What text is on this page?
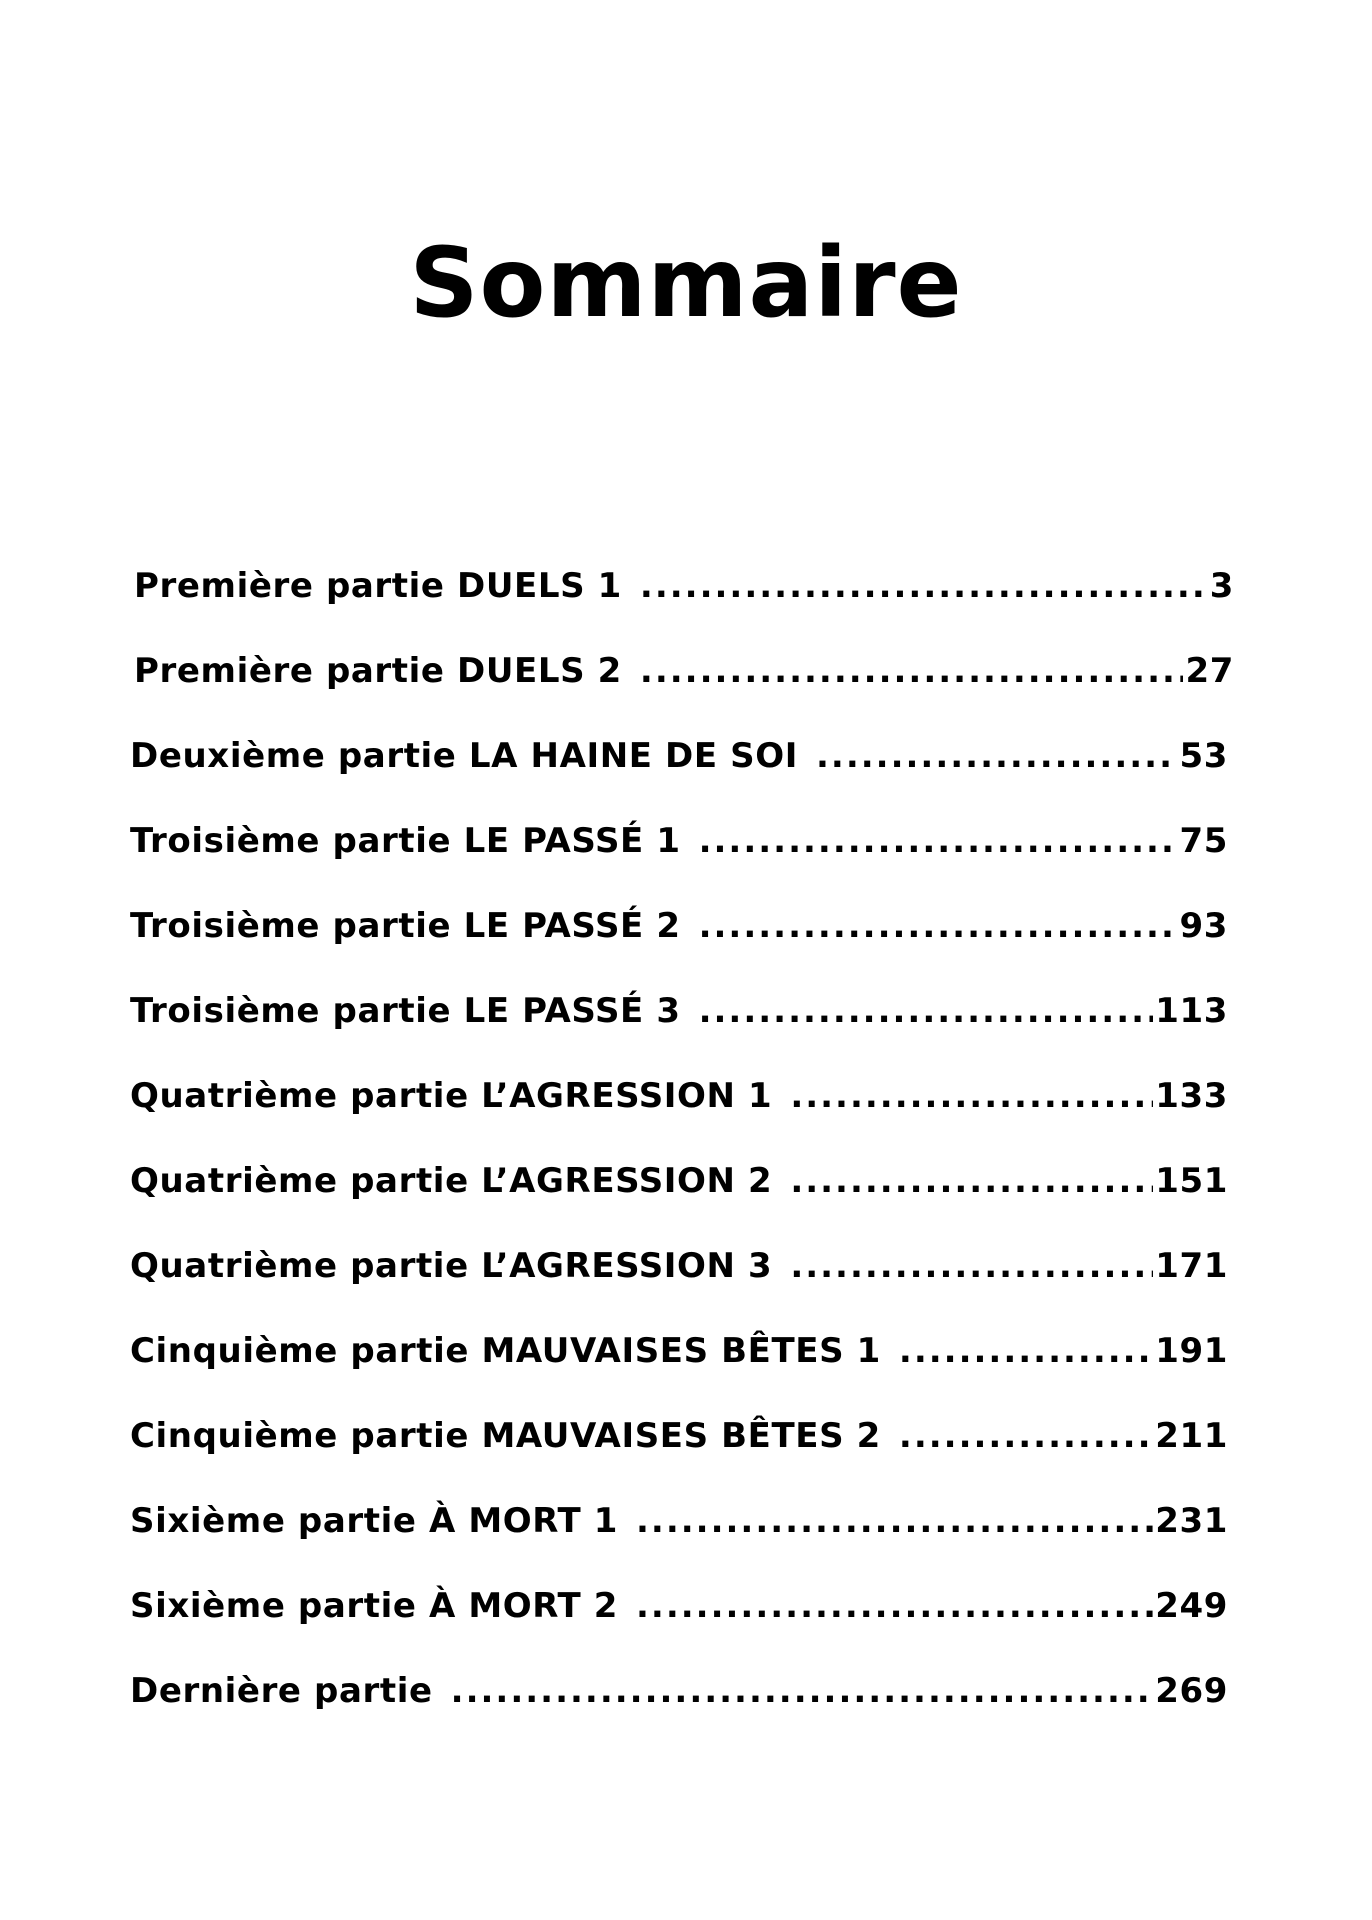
Sommaire
Première partie DUELS 1 .....	3
Première partie DUELS 2 .....	27
Deuxième partie LA HAINE DE SOI .....	53
Troisième partie LE PASSÉ 1 .....	75
Troisième partie LE PASSÉ 2 .....	93
Troisième partie LE PASSÉ 3 .....	113
Quatrième partie L’AGRESSION 1 .....	133
Quatrième partie L’AGRESSION 2 .....	151
Quatrième partie L’AGRESSION 3 .....	171
Cinquième partie MAUVAISES BÊTES 1 .....	191
Cinquième partie MAUVAISES BÊTES 2 .....	211
Sixième partie À MORT 1 .....	231
Sixième partie À MORT 2 .....	249
Dernière partie .....	269
